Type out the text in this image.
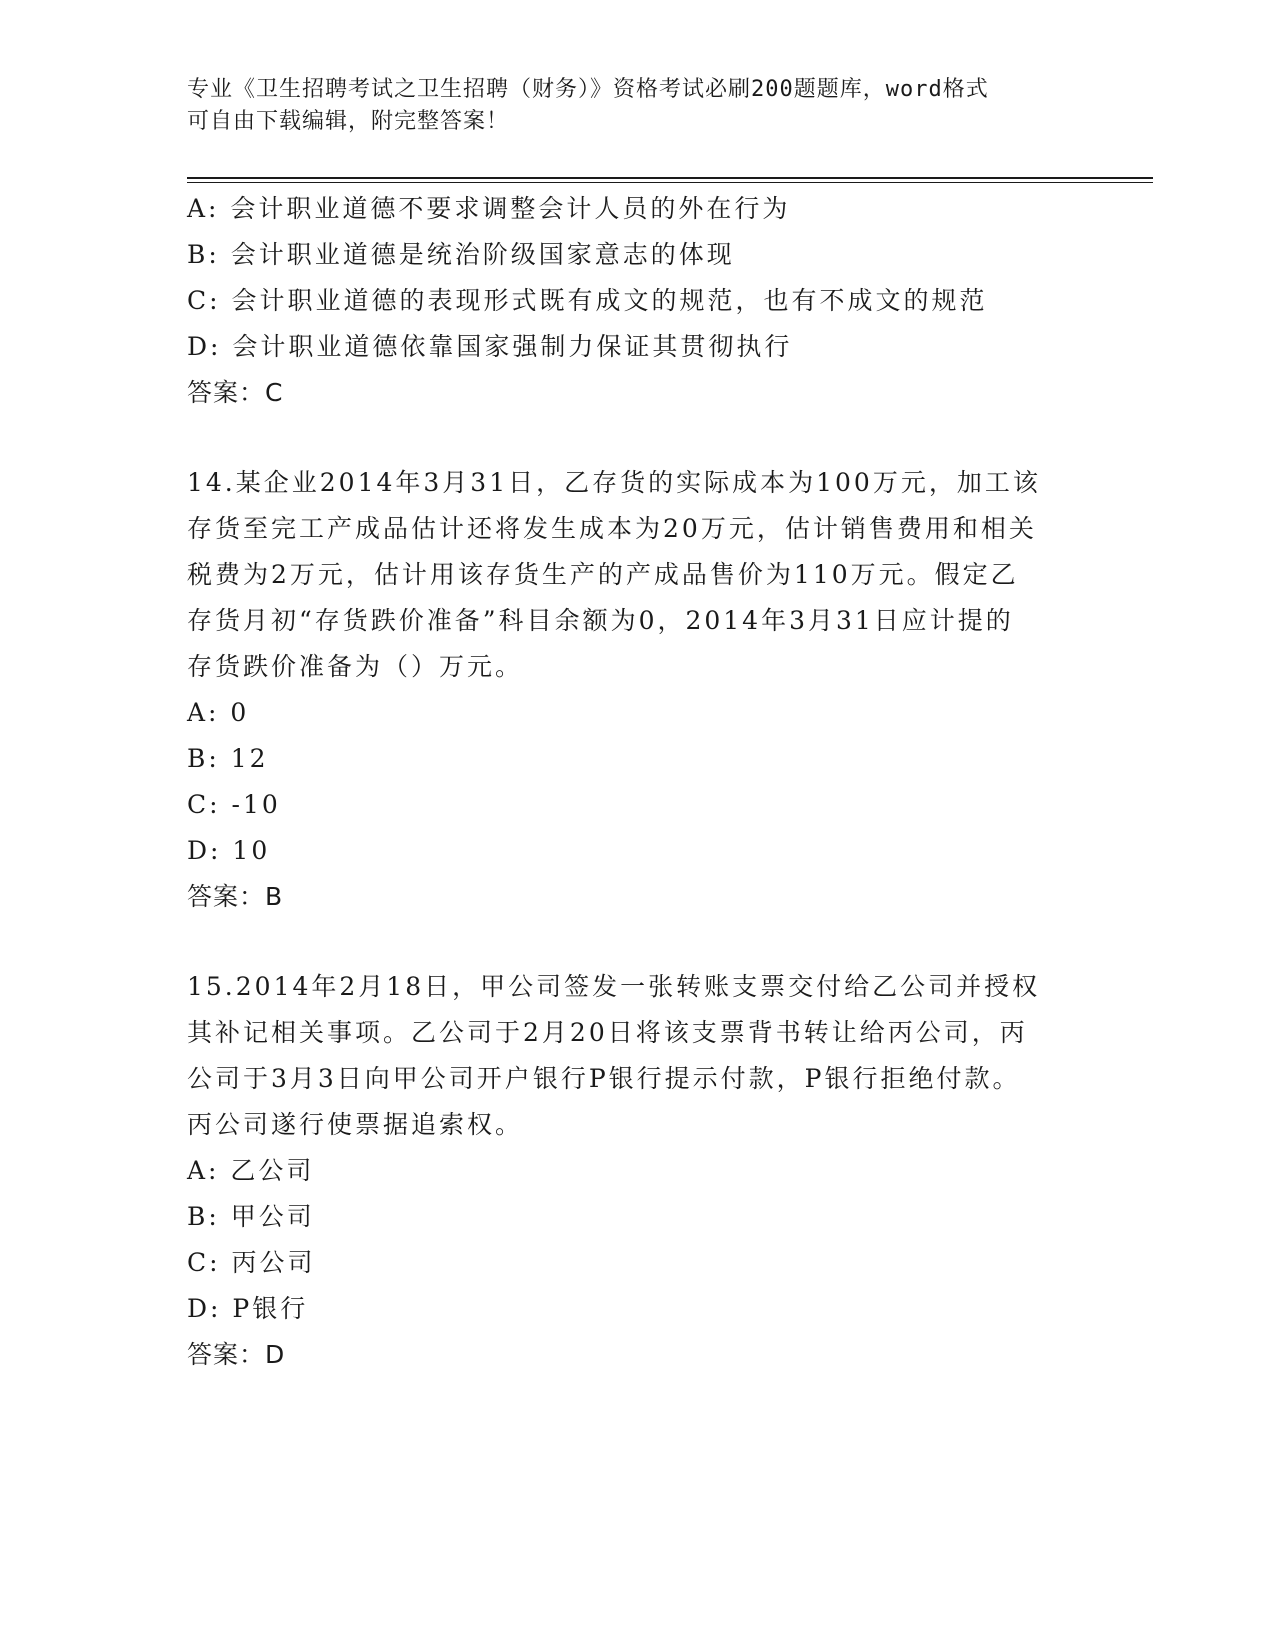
专业《卫生招聘考试之卫生招聘（财务）》资格考试必刷200题题库，word格式
可自由下载编辑，附完整答案！
A: 会计职业道德不要求调整会计人员的外在行为
B: 会计职业道德是统治阶级国家意志的体现
C: 会计职业道德的表现形式既有成文的规范，也有不成文的规范
D: 会计职业道德依靠国家强制力保证其贯彻执行
答案：C
14.某企业2014年3月31日，乙存货的实际成本为100万元，加工该
存货至完工产成品估计还将发生成本为20万元，估计销售费用和相关
税费为2万元，估计用该存货生产的产成品售价为110万元。假定乙
存货月初“存货跌价准备”科目余额为0，2014年3月31日应计提的
存货跌价准备为（）万元。
A: 0
B: 12
C: -10
D: 10
答案：B
15.2014年2月18日，甲公司签发一张转账支票交付给乙公司并授权
其补记相关事项。乙公司于2月20日将该支票背书转让给丙公司，丙
公司于3月3日向甲公司开户银行P银行提示付款，P银行拒绝付款。
丙公司遂行使票据追索权。
A: 乙公司
B: 甲公司
C: 丙公司
D: P银行
答案：D
